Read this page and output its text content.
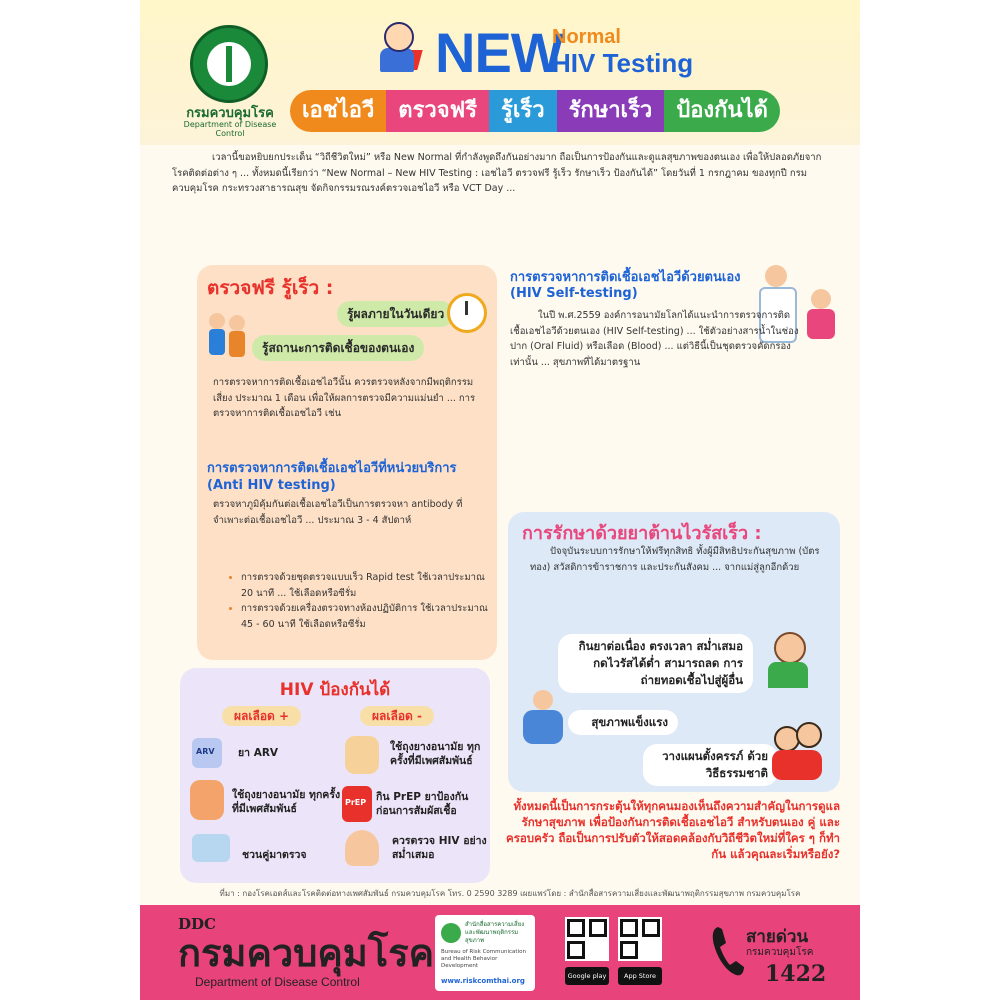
กรมควบคุมโรค
Department of Disease Control
NEW
Normal
HIV Testing
เอชไอวี	ตรวจฟรี	รู้เร็ว	รักษาเร็ว	ป้องกันได้
เวลานี้ขอหยิบยกประเด็น “วิถีชีวิตใหม่” หรือ New Normal ที่กำลังพูดถึงกันอย่างมาก ถือเป็นการป้องกันและดูแลสุขภาพของตนเอง เพื่อให้ปลอดภัยจากโรคติดต่อต่าง ๆ ... ทั้งหมดนี้เรียกว่า “New Normal – New HIV Testing : เอชไอวี ตรวจฟรี รู้เร็ว รักษาเร็ว ป้องกันได้” โดยวันที่ 1 กรกฎาคม ของทุกปี กรมควบคุมโรค กระทรวงสาธารณสุข จัดกิจกรรมรณรงค์ตรวจเอชไอวี หรือ VCT Day ...
ตรวจฟรี รู้เร็ว :
รู้ผลภายในวันเดียว
รู้สถานะการติดเชื้อของตนเอง
การตรวจหาการติดเชื้อเอชไอวีนั้น ควรตรวจหลังจากมีพฤติกรรมเสี่ยง ประมาณ 1 เดือน เพื่อให้ผลการตรวจมีความแม่นยำ ... การตรวจหาการติดเชื้อเอชไอวี เช่น
การตรวจหาการติดเชื้อเอชไอวีที่หน่วยบริการ (Anti HIV testing)
ตรวจหาภูมิคุ้มกันต่อเชื้อเอชไอวีเป็นการตรวจหา antibody ที่จำเพาะต่อเชื้อเอชไอวี ... ประมาณ 3 - 4 สัปดาห์
• การตรวจด้วยชุดตรวจแบบเร็ว Rapid test ใช้เวลาประมาณ 20 นาที ... ใช้เลือดหรือซีรั่ม
• การตรวจด้วยเครื่องตรวจทางห้องปฏิบัติการ ใช้เวลาประมาณ 45 - 60 นาที ใช้เลือดหรือซีรั่ม
การตรวจหาการติดเชื้อเอชไอวีด้วยตนเอง (HIV Self-testing)
ในปี พ.ศ.2559 องค์การอนามัยโลกได้แนะนำการตรวจการติดเชื้อเอชไอวีด้วยตนเอง (HIV Self-testing) ... ใช้ตัวอย่างสารน้ำในช่องปาก (Oral Fluid) หรือเลือด (Blood) ... แต่วิธีนี้เป็นชุดตรวจคัดกรองเท่านั้น ... สุขภาพที่ได้มาตรฐาน
การรักษาด้วยยาต้านไวรัสเร็ว :
ปัจจุบันระบบการรักษาให้ฟรีทุกสิทธิ ทั้งผู้มีสิทธิประกันสุขภาพ (บัตรทอง) สวัสดิการข้าราชการ และประกันสังคม ... จากแม่สู่ลูกอีกด้วย
กินยาต่อเนื่อง ตรงเวลา สม่ำเสมอ กดไวรัสได้ต่ำ สามารถลด การถ่ายทอดเชื้อไปสู่ผู้อื่น
สุขภาพแข็งแรง
วางแผนตั้งครรภ์ ด้วยวิธีธรรมชาติ
ทั้งหมดนี้เป็นการกระตุ้นให้ทุกคนมองเห็นถึงความสำคัญในการดูแลรักษาสุขภาพ เพื่อป้องกันการติดเชื้อเอชไอวี สำหรับตนเอง คู่ และครอบครัว ถือเป็นการปรับตัวให้สอดคล้องกับวิถีชีวิตใหม่ที่ใคร ๆ ก็ทำกัน แล้วคุณละเริ่มหรือยัง?
HIV ป้องกันได้
ผลเลือด +	ผลเลือด -
ARV
ยา ARV
ใช้ถุงยางอนามัย ทุกครั้งที่มีเพศสัมพันธ์
ชวนคู่มาตรวจ
ใช้ถุงยางอนามัย ทุกครั้งที่มีเพศสัมพันธ์
PrEP
กิน PrEP ยาป้องกัน ก่อนการสัมผัสเชื้อ
ควรตรวจ HIV อย่างสม่ำเสมอ
ที่มา : กองโรคเอดส์และโรคติดต่อทางเพศสัมพันธ์ กรมควบคุมโรค โทร. 0 2590 3289 เผยแพร่โดย : สำนักสื่อสารความเสี่ยงและพัฒนาพฤติกรรมสุขภาพ กรมควบคุมโรค
DDC
กรมควบคุมโรค
Department of Disease Control
สำนักสื่อสารความเสี่ยงและพัฒนาพฤติกรรมสุขภาพ
Bureau of Risk Communication and Health Behavior Development
www.riskcomthai.org
Google play	App Store
สายด่วน
กรมควบคุมโรค
1422
